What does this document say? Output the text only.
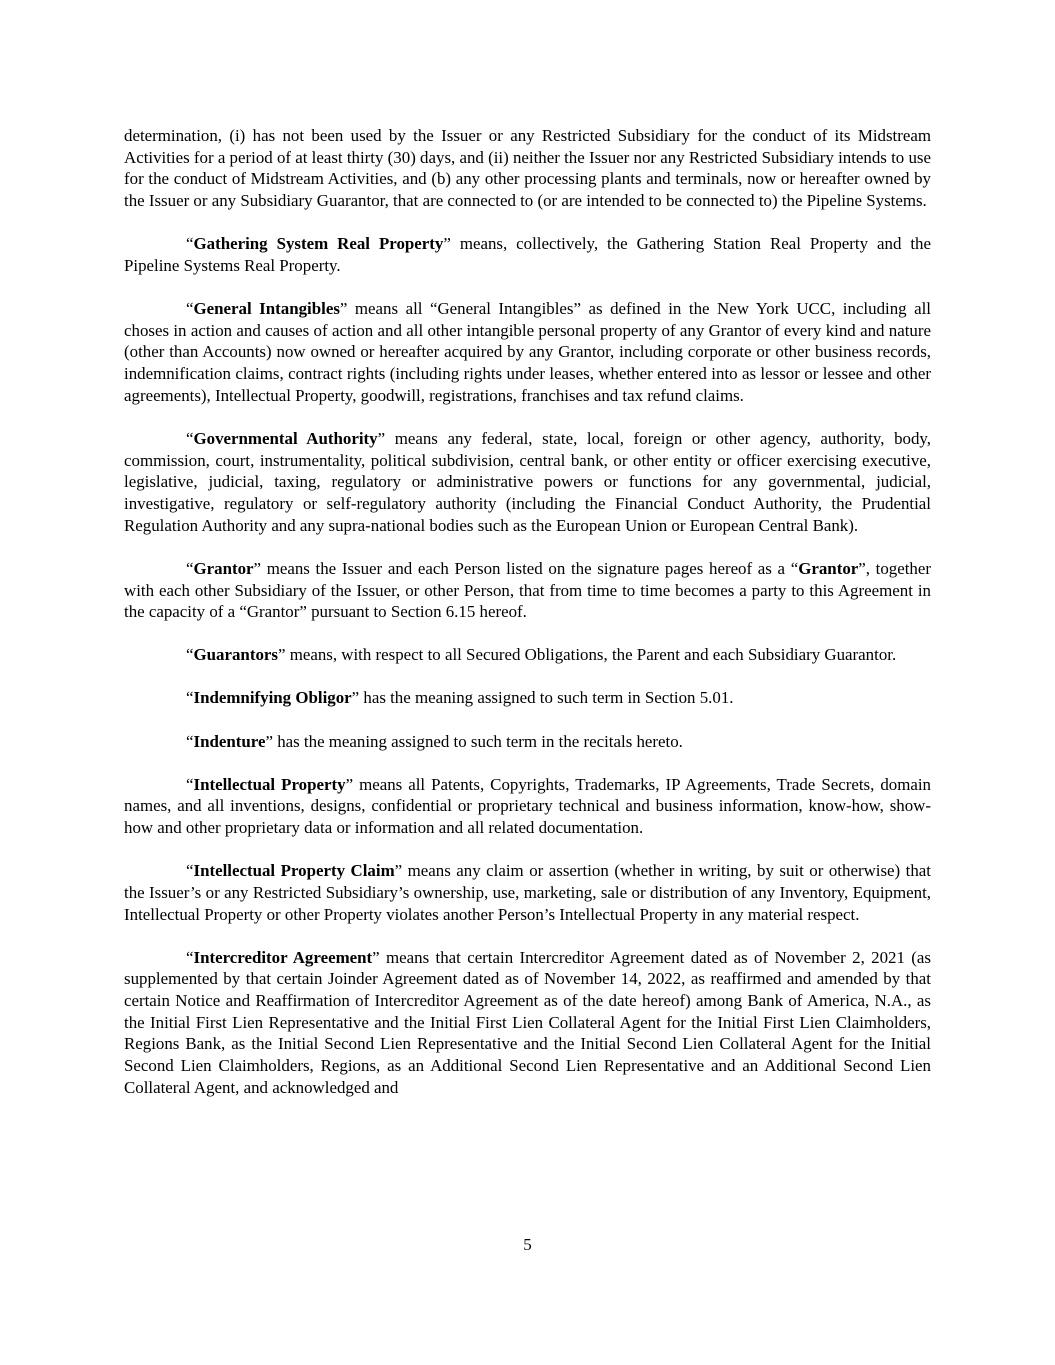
determination, (i) has not been used by the Issuer or any Restricted Subsidiary for the conduct of its Midstream Activities for a period of at least thirty (30) days, and (ii) neither the Issuer nor any Restricted Subsidiary intends to use for the conduct of Midstream Activities, and (b) any other processing plants and terminals, now or hereafter owned by the Issuer or any Subsidiary Guarantor, that are connected to (or are intended to be connected to) the Pipeline Systems.

“Gathering System Real Property” means, collectively, the Gathering Station Real Property and the Pipeline Systems Real Property.

“General Intangibles” means all “General Intangibles” as defined in the New York UCC, including all choses in action and causes of action and all other intangible personal property of any Grantor of every kind and nature (other than Accounts) now owned or hereafter acquired by any Grantor, including corporate or other business records, indemnification claims, contract rights (including rights under leases, whether entered into as lessor or lessee and other agreements), Intellectual Property, goodwill, registrations, franchises and tax refund claims.

“Governmental Authority” means any federal, state, local, foreign or other agency, authority, body, commission, court, instrumentality, political subdivision, central bank, or other entity or officer exercising executive, legislative, judicial, taxing, regulatory or administrative powers or functions for any governmental, judicial, investigative, regulatory or self-regulatory authority (including the Financial Conduct Authority, the Prudential Regulation Authority and any supra-national bodies such as the European Union or European Central Bank).

“Grantor” means the Issuer and each Person listed on the signature pages hereof as a “Grantor”, together with each other Subsidiary of the Issuer, or other Person, that from time to time becomes a party to this Agreement in the capacity of a “Grantor” pursuant to Section 6.15 hereof.

“Guarantors” means, with respect to all Secured Obligations, the Parent and each Subsidiary Guarantor.

“Indemnifying Obligor” has the meaning assigned to such term in Section 5.01.

“Indenture” has the meaning assigned to such term in the recitals hereto.

“Intellectual Property” means all Patents, Copyrights, Trademarks, IP Agreements, Trade Secrets, domain names, and all inventions, designs, confidential or proprietary technical and business information, know-how, show-how and other proprietary data or information and all related documentation.

“Intellectual Property Claim” means any claim or assertion (whether in writing, by suit or otherwise) that the Issuer’s or any Restricted Subsidiary’s ownership, use, marketing, sale or distribution of any Inventory, Equipment, Intellectual Property or other Property violates another Person’s Intellectual Property in any material respect.

“Intercreditor Agreement” means that certain Intercreditor Agreement dated as of November 2, 2021 (as supplemented by that certain Joinder Agreement dated as of November 14, 2022, as reaffirmed and amended by that certain Notice and Reaffirmation of Intercreditor Agreement as of the date hereof) among Bank of America, N.A., as the Initial First Lien Representative and the Initial First Lien Collateral Agent for the Initial First Lien Claimholders, Regions Bank, as the Initial Second Lien Representative and the Initial Second Lien Collateral Agent for the Initial Second Lien Claimholders, Regions, as an Additional Second Lien Representative and an Additional Second Lien Collateral Agent, and acknowledged and

5
